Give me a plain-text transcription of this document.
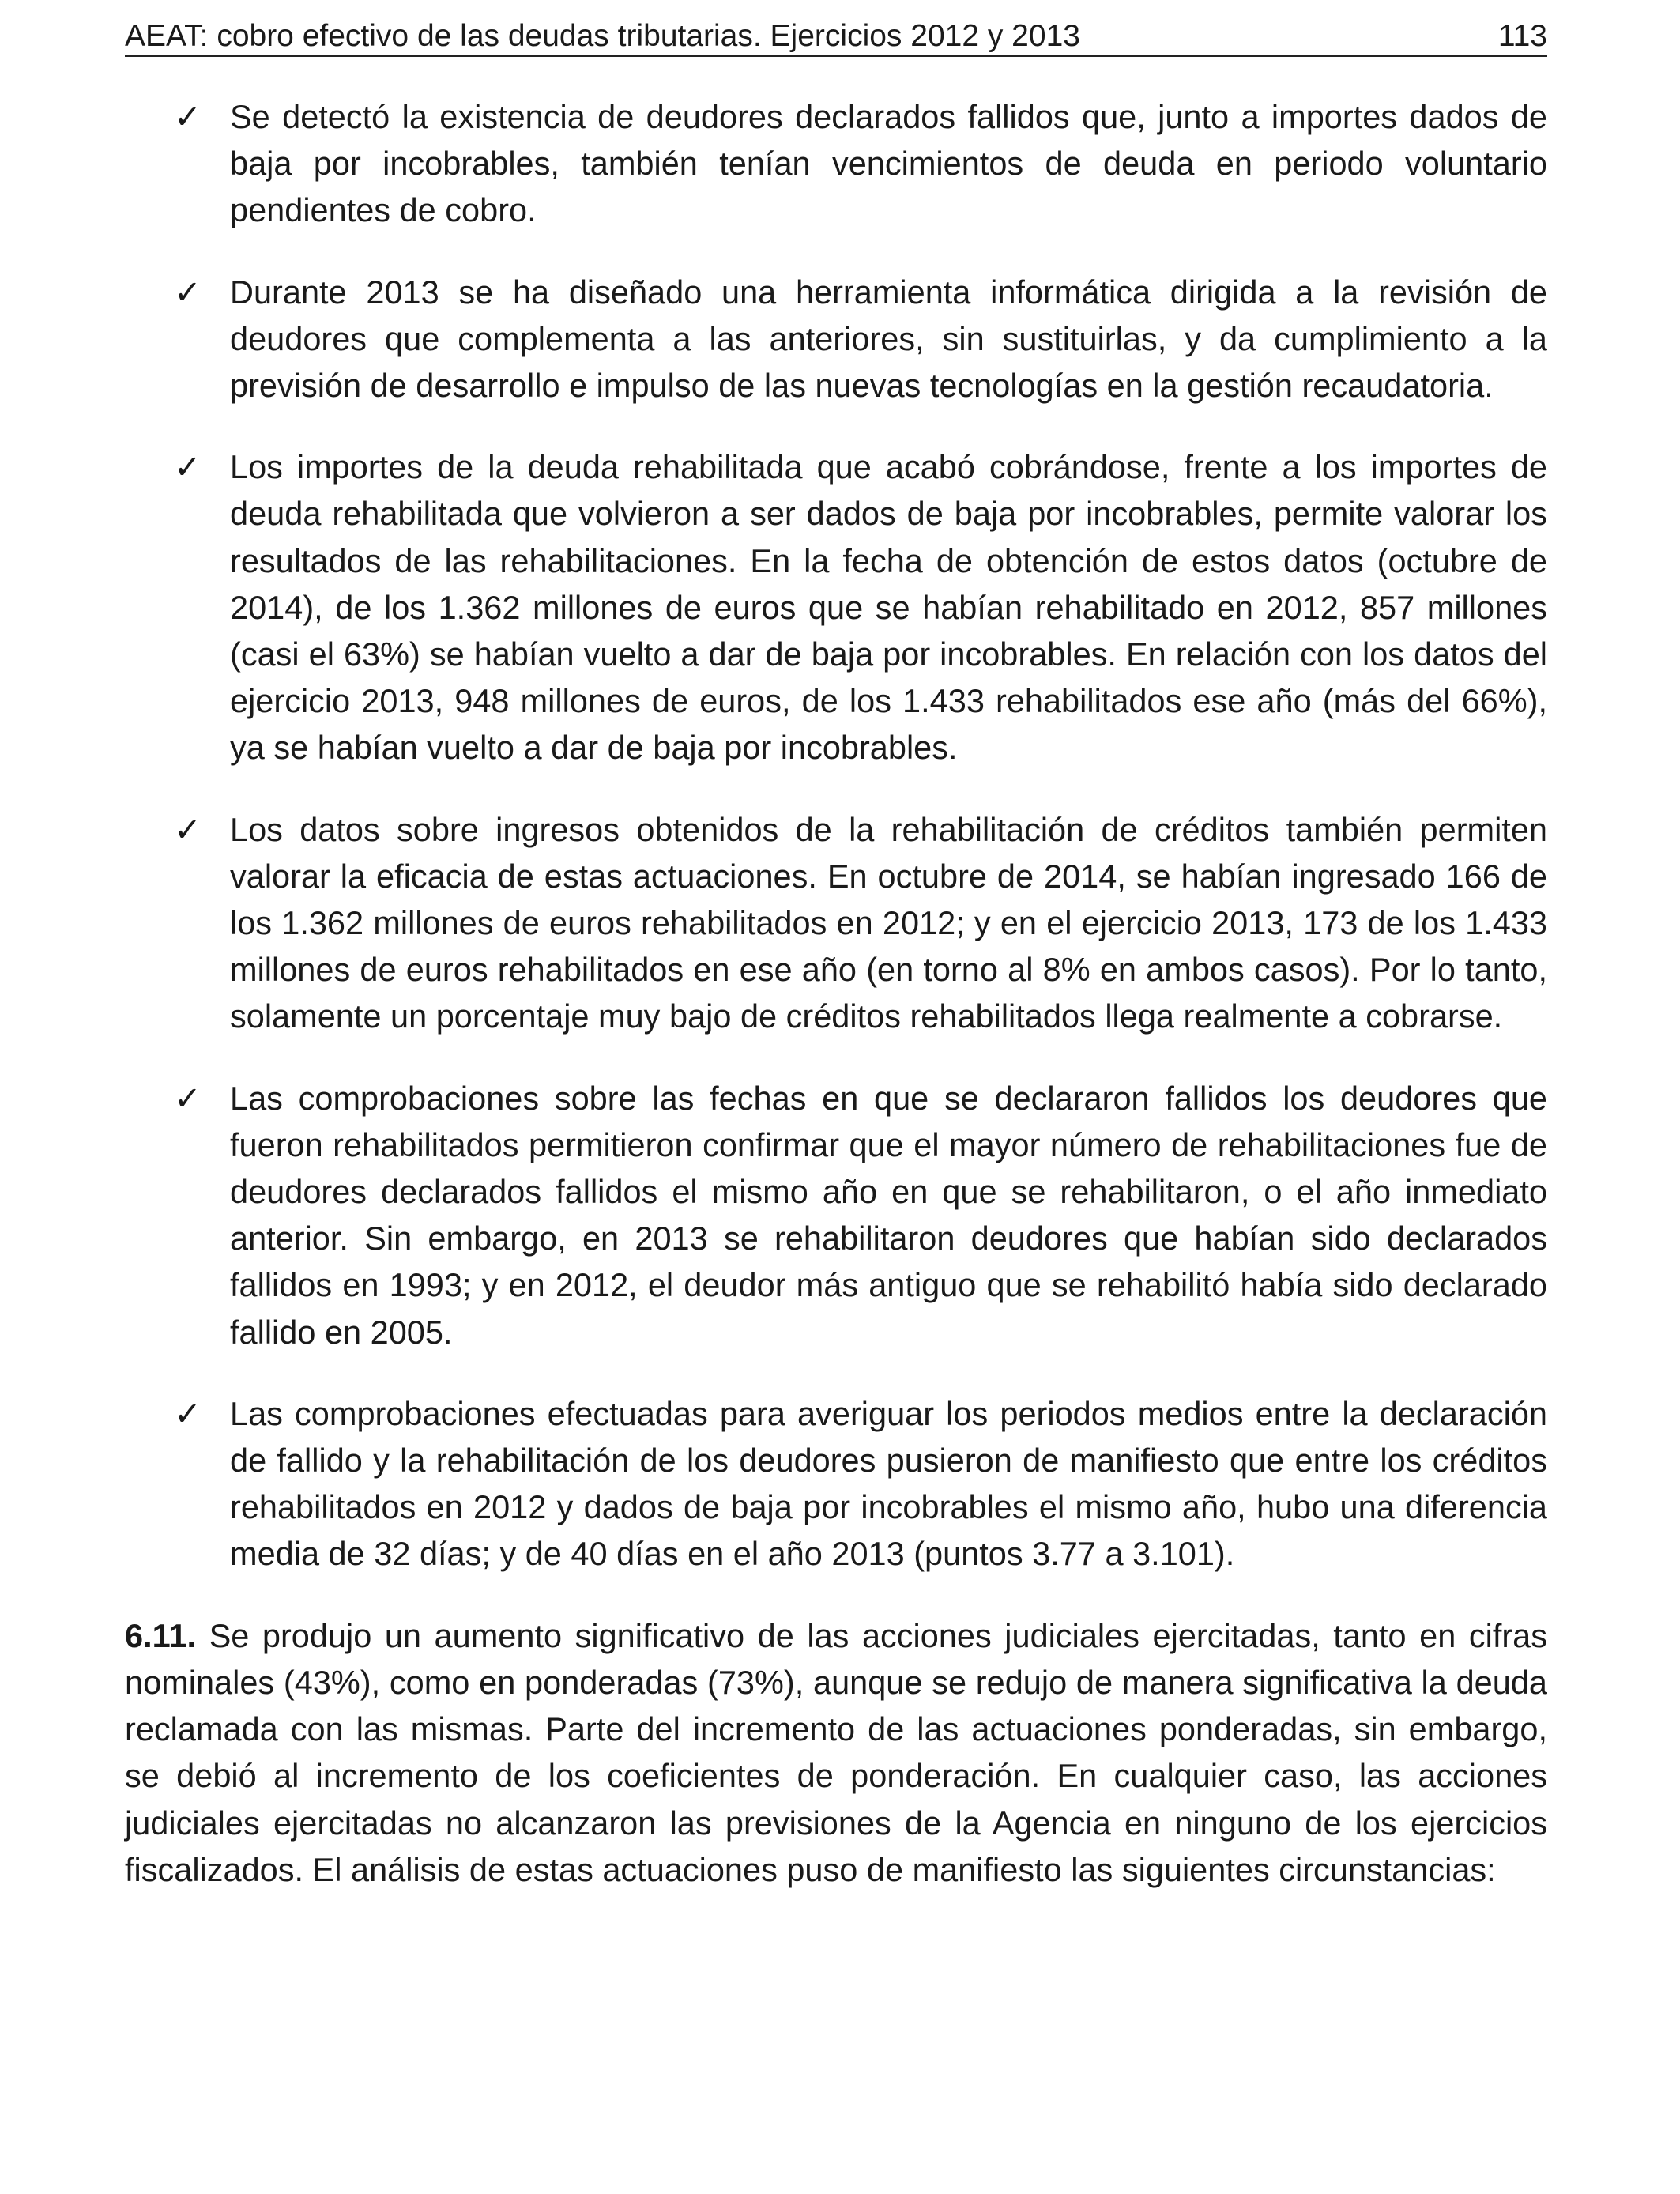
AEAT: cobro efectivo de las deudas tributarias. Ejercicios 2012 y 2013	113
✓ Se detectó la existencia de deudores declarados fallidos que, junto a importes dados de baja por incobrables, también tenían vencimientos de deuda en periodo voluntario pendientes de cobro.
✓ Durante 2013 se ha diseñado una herramienta informática dirigida a la revisión de deudores que complementa a las anteriores, sin sustituirlas, y da cumplimiento a la previsión de desarrollo e impulso de las nuevas tecnologías en la gestión recaudatoria.
✓ Los importes de la deuda rehabilitada que acabó cobrándose, frente a los importes de deuda rehabilitada que volvieron a ser dados de baja por incobrables, permite valorar los resultados de las rehabilitaciones. En la fecha de obtención de estos datos (octubre de 2014), de los 1.362 millones de euros que se habían rehabilitado en 2012, 857 millones (casi el 63%) se habían vuelto a dar de baja por incobrables. En relación con los datos del ejercicio 2013, 948 millones de euros, de los 1.433 rehabilitados ese año (más del 66%), ya se habían vuelto a dar de baja por incobrables.
✓ Los datos sobre ingresos obtenidos de la rehabilitación de créditos también permiten valorar la eficacia de estas actuaciones. En octubre de 2014, se habían ingresado 166 de los 1.362 millones de euros rehabilitados en 2012; y en el ejercicio 2013, 173 de los 1.433 millones de euros rehabilitados en ese año (en torno al 8% en ambos casos). Por lo tanto, solamente un porcentaje muy bajo de créditos rehabilitados llega realmente a cobrarse.
✓ Las comprobaciones sobre las fechas en que se declararon fallidos los deudores que fueron rehabilitados permitieron confirmar que el mayor número de rehabilitaciones fue de deudores declarados fallidos el mismo año en que se rehabilitaron, o el año inmediato anterior. Sin embargo, en 2013 se rehabilitaron deudores que habían sido declarados fallidos en 1993; y en 2012, el deudor más antiguo que se rehabilitó había sido declarado fallido en 2005.
✓ Las comprobaciones efectuadas para averiguar los periodos medios entre la declaración de fallido y la rehabilitación de los deudores pusieron de manifiesto que entre los créditos rehabilitados en 2012 y dados de baja por incobrables el mismo año, hubo una diferencia media de 32 días; y de 40 días en el año 2013 (puntos 3.77 a 3.101).
6.11. Se produjo un aumento significativo de las acciones judiciales ejercitadas, tanto en cifras nominales (43%), como en ponderadas (73%), aunque se redujo de manera significativa la deuda reclamada con las mismas. Parte del incremento de las actuaciones ponderadas, sin embargo, se debió al incremento de los coeficientes de ponderación. En cualquier caso, las acciones judiciales ejercitadas no alcanzaron las previsiones de la Agencia en ninguno de los ejercicios fiscalizados. El análisis de estas actuaciones puso de manifiesto las siguientes circunstancias:
